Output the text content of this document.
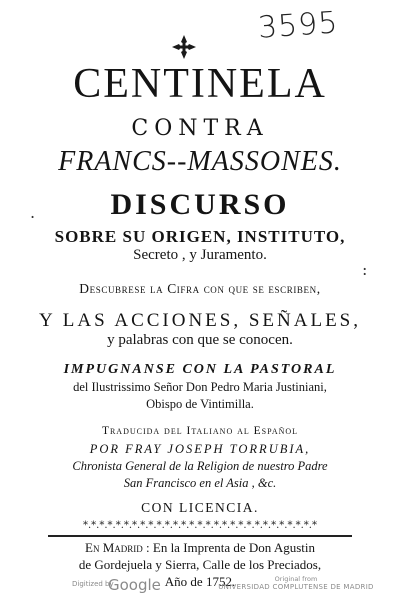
3595
CENTINELA
CONTRA
FRANCS--MASSONES.
DISCURSO
SOBRE SU ORIGEN, INSTITUTO,
Secreto , y Juramento.
Descubrese la Cifra con que se escriben,
Y LAS ACCIONES, SEÑALES,
y palabras con que se conocen.
IMPUGNANSE CON LA PASTORAL
del Ilustrissimo Señor Don Pedro Maria Justiniani,
Obispo de Vintimilla.
Traducida del Italiano al Español
POR FRAY JOSEPH TORRUBIA,
Chronista General de la Religion de nuestro Padre
San Francisco en el Asia , &c.
CON LICENCIA.
*.*.*.*.*.*.*.*.*.*.*.*.*.*.*.*.*.*.*.*.*.*.*.*.*.*.*.*.*
En Madrid : En la Imprenta de Don Agustin
de Gordejuela y Sierra, Calle de los Preciados,
Año de 1752.
.
:
Digitized by
Google	Original from
UNIVERSIDAD COMPLUTENSE DE MADRID
